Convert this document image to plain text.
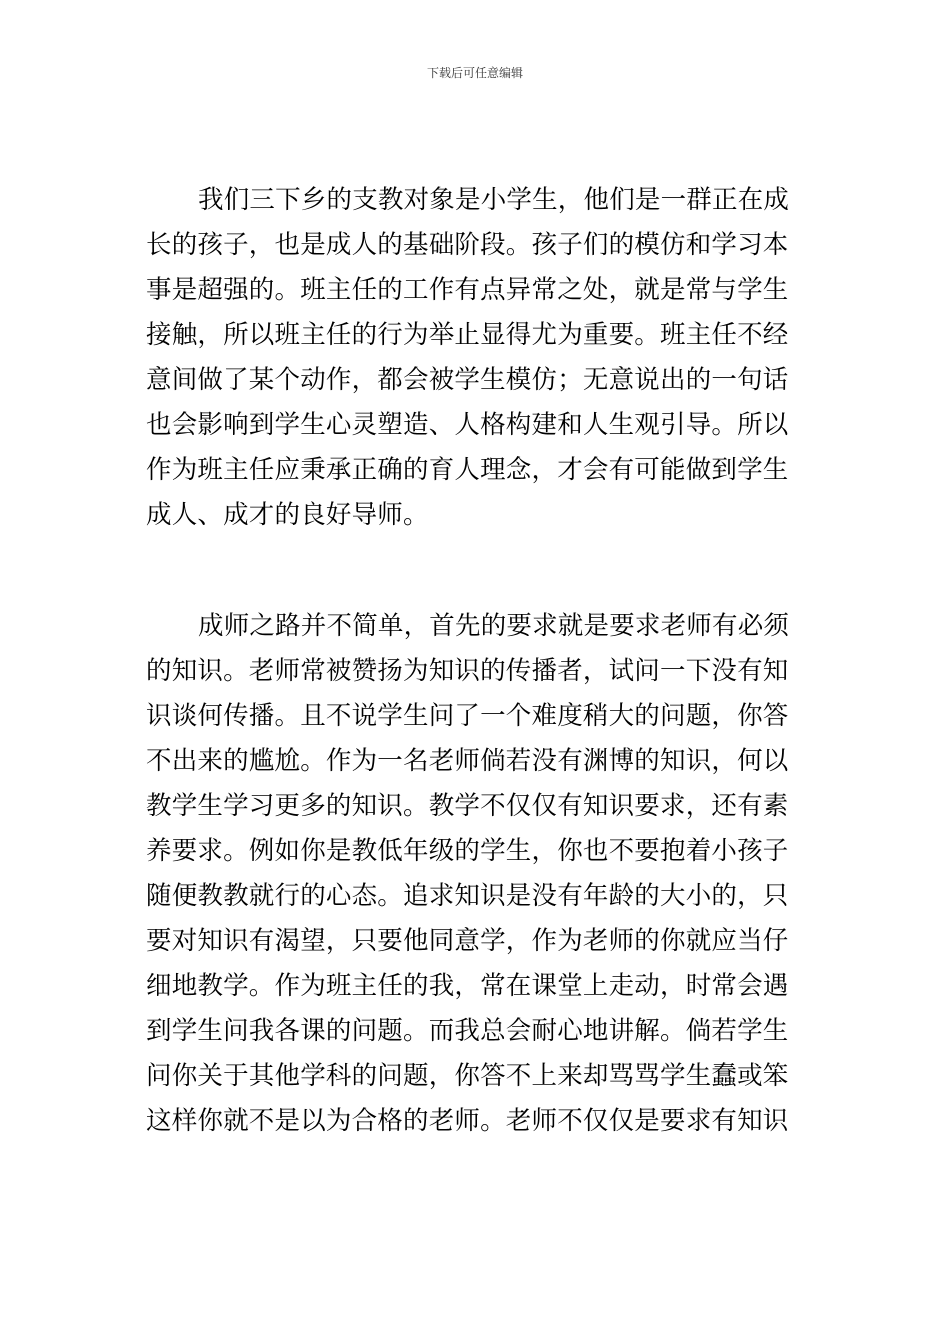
下载后可任意编辑
我们三下乡的支教对象是小学生，他们是一群正在成
长的孩子，也是成人的基础阶段。孩子们的模仿和学习本
事是超强的。班主任的工作有点异常之处，就是常与学生
接触，所以班主任的行为举止显得尤为重要。班主任不经
意间做了某个动作，都会被学生模仿；无意说出的一句话
也会影响到学生心灵塑造、人格构建和人生观引导。所以
作为班主任应秉承正确的育人理念，才会有可能做到学生
成人、成才的良好导师。
成师之路并不简单，首先的要求就是要求老师有必须
的知识。老师常被赞扬为知识的传播者，试问一下没有知
识谈何传播。且不说学生问了一个难度稍大的问题，你答
不出来的尴尬。作为一名老师倘若没有渊博的知识，何以
教学生学习更多的知识。教学不仅仅有知识要求，还有素
养要求。例如你是教低年级的学生，你也不要抱着小孩子
随便教教就行的心态。追求知识是没有年龄的大小的，只
要对知识有渴望，只要他同意学，作为老师的你就应当仔
细地教学。作为班主任的我，常在课堂上走动，时常会遇
到学生问我各课的问题。而我总会耐心地讲解。倘若学生
问你关于其他学科的问题，你答不上来却骂骂学生蠢或笨
这样你就不是以为合格的老师。老师不仅仅是要求有知识
